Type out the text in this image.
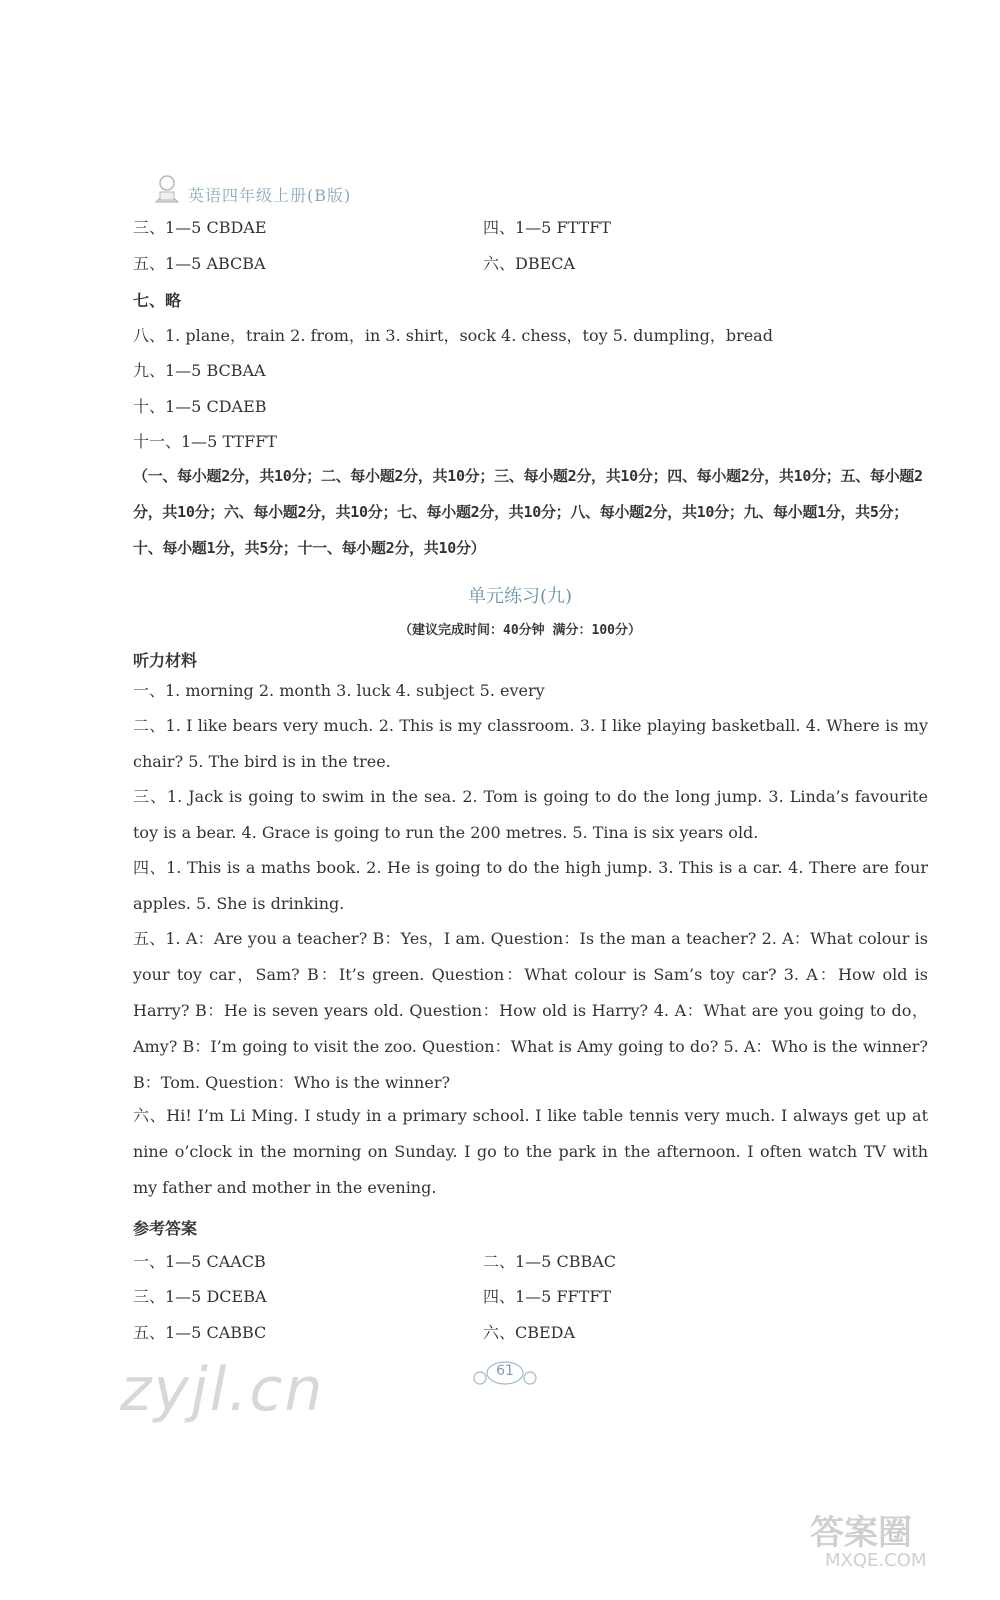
英语四年级上册(B版)
三、1—5 CBDAE	四、1—5 FTTFT
五、1—5 ABCBA	六、DBECA
七、略
八、1. plane，train 2. from，in 3. shirt，sock 4. chess，toy 5. dumpling，bread
九、1—5 BCBAA
十、1—5 CDAEB
十一、1—5 TTFFT
（一、每小题2分，共10分；二、每小题2分，共10分；三、每小题2分，共10分；四、每小题2分，共10分；五、每小题2分，共10分；六、每小题2分，共10分；七、每小题2分，共10分；八、每小题2分，共10分；九、每小题1分，共5分；十、每小题1分，共5分；十一、每小题2分，共10分）
单元练习(九)
（建议完成时间：40分钟 满分：100分）
听力材料
一、1. morning 2. month 3. luck 4. subject 5. every
二、1. I like bears very much. 2. This is my classroom. 3. I like playing basketball. 4. Where is my chair? 5. The bird is in the tree.
三、1. Jack is going to swim in the sea. 2. Tom is going to do the long jump. 3. Linda’s favourite toy is a bear. 4. Grace is going to run the 200 metres. 5. Tina is six years old.
四、1. This is a maths book. 2. He is going to do the high jump. 3. This is a car. 4. There are four apples. 5. She is drinking.
五、1. A：Are you a teacher? B：Yes，I am. Question：Is the man a teacher? 2. A：What colour is your toy car，Sam? B：It’s green. Question：What colour is Sam’s toy car? 3. A：How old is Harry? B：He is seven years old. Question：How old is Harry? 4. A：What are you going to do，Amy? B：I’m going to visit the zoo. Question：What is Amy going to do? 5. A：Who is the winner? B：Tom. Question：Who is the winner?
六、Hi! I’m Li Ming. I study in a primary school. I like table tennis very much. I always get up at nine o’clock in the morning on Sunday. I go to the park in the afternoon. I often watch TV with my father and mother in the evening.
参考答案
一、1—5 CAACB	二、1—5 CBBAC
三、1—5 DCEBA	四、1—5 FFTFT
五、1—5 CABBC	六、CBEDA
zyjl.cn	61
答案圈
MXQE.COM
